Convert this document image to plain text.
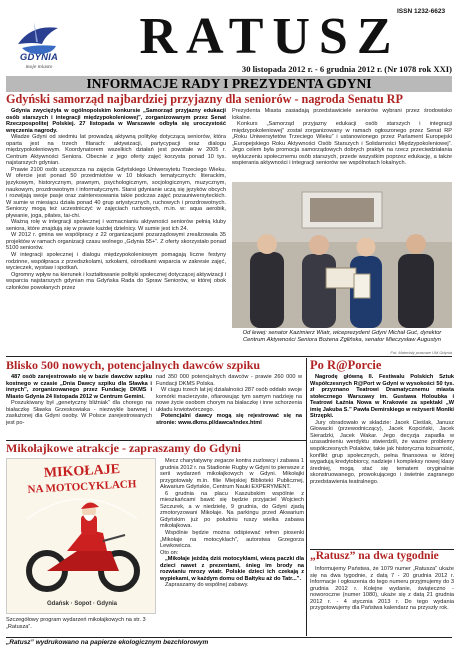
ISSN 1232-6623
GDYNIA
moje miasto
RATUSZ
30 listopada 2012 r. - 6 grudnia 2012 r. (Nr 1078 rok XXI)
INFORMACJE RADY I PREZYDENTA GDYNI
Gdyński samorząd najbardziej przyjazny dla seniorów - nagroda Senatu RP

Gdynia zwyciężyła w ogólnopolskim konkursie „Samorząd przyjazny edukacji osób starszych i integracji międzypokoleniowej”, zorganizowanym przez Senat Rzeczpospolitej Polskiej. 27 listopada w Warszawie odbyła się uroczystość wręczenia nagrody.

Władze Gdyni od siedmiu lat prowadzą aktywną politykę dotyczącą seniorów, która oparta jest na trzech filarach: aktywizacji, partycypacji oraz dialogu międzypokoleniowym. Koordynatorem wszelkich działań jest powstałe w 2005 r. Centrum Aktywności Seniora. Obecnie z jego oferty zajęć korzysta ponad 10 tys. najstarszych gdynian.

Prawie 2100 osób uczęszcza na zajęcia Gdyńskiego Uniwersytetu Trzeciego Wieku. W ofercie jest ponad 50 przedmiotów w 10 blokach tematycznych: literackim, językowym, historycznym, prawnym, psychologicznym, socjologicznym, muzycznym, naukowym, prozdrowotnym i informatycznym. Starsi gdynianie uczą się języków obcych i rozwijają swoje pasje oraz zainteresowania takie podczas zajęć pozauniwersyteckich. W sumie w miesiącu działa ponad 40 grup artystycznych, ruchowych i prozdrowotnych. Seniorzy mogą też uczestniczyć w zajęciach ruchowych, m.in. w: aqua aerobik, pływanie, joga, pilates, tai-chi.

Ważną rolę w integracji społecznej i wzmacnianiu aktywności seniorów pełnią kluby seniora, które znajdują się w prawie każdej dzielnicy. W sumie jest ich 24.

W 2012 r. gmina we współpracy z 22 organizacjami pozarządowymi zrealizowała 35 projektów w ramach organizacji czasu wolnego „Gdynia 55+”. Z oferty skorzystało ponad 5100 seniorów.

W integracji społecznej i dialogu międzypokoleniowym pomagają liczne festyny rodzinne, współpraca z przedszkolami, szkołami, ośrodkami wsparcia w zakresie zajęć, wycieczek, wystaw i spotkań.

Ogromny wpływ na kierunek i kształtowanie polityki społecznej dotyczącej aktywizacji i wsparcia najstarszych gdynian ma Gdyńska Rada do Spraw Seniorów, w której obok członków powołanych przez

Prezydenta Miasta zasiadają przedstawiciele seniorów wybrani przez środowisko lokalne.

Konkurs „Samorząd przyjazny edukacji osób starszych i integracji międzypokoleniowej” został zorganizowany w ramach ogłoszonego przez Senat RP „Roku Uniwersytetów Trzeciego Wieku” i ustanowionego przez Parlament Europejski „Europejskiego Roku Aktywności Osób Starszych i Solidarności Międzypokoleniowej”. Jego celem była promocja samorządowych dobrych praktyk na rzecz przeciwdziałania wykluczeniu społecznemu osób starszych, przede wszystkim poprzez edukację, a także wspierania aktywności i integracji seniorów we wspólnotach lokalnych.

Od lewej: senator Kazimierz Wiatr, wiceprezydent Gdyni Michał Guć, dyrektor Centrum Aktywności Seniora Bożena Zglińska, senator Mieczysław Augustyn
Fot. Materiały prasowe UM Gdynia
Blisko 500 nowych, potencjalnych dawców szpiku

487 osób zarejestrowało się w bazie dawców szpiku kostnego w czasie „Dnia Dawcy szpiku dla Sławka i innych”, zorganizowanego przez Fundację DKMS i Miasto Gdynia 24 listopada 2012 w Centrum Gemini.

Poszukiwany był „genetyczny bliźniak” dla chorego na białaczkę Sławka Grzeskowiaka - niezwykle barwnej i zasłużonej dla Gdyni osoby. W Polsce zarejestrowanych jest po-

nad 350 000 potencjalnych dawców - prawie 260 000 w Fundacji DKMS Polska.

W ciągu trzech lat jej działalności 287 osób oddało swoje komórki macierzyste, ofiarowując tym samym nadzieję na nowe życie osobom chorym na białaczkę i inne schorzenia układu krwiotwórczego.

Potencjalni dawcy mogą się rejestrować się na stronie: www.dkms.pl/dawca/index.html

Po R@Porcie

Nagrodę główną II. Festiwalu Polskich Sztuk Współczesnych R@Port w Gdyni w wysokości 50 tys. zł przyznano Teatrowi Dramatycznemu miasta stołecznego Warszawy im. Gustawa Holoubka i Teatrowi Łaźnia Nowa w Krakowie za spektakl „W imię Jakuba S.” Pawła Demirskiego w reżyserii Moniki Strzępki.

Jury obradowało w składzie: Jacek Cieślak, Janusz Głowacki (przewodniczący), Jacek Kopciński, Jacek Sieradzki, Jacek Wakar. Jego decyzja zapadła w uzasadnieniu werdyktu stwierdzili, że wazne problemy współczesnych Polaków, takie jak historyczna tożsamość, konflikt grup społecznych, pełna finansowa w której wygadują kredytobiorcy, nadzieje i kompleksy nowej klasy średniej, mogą stać się tematem oryginalnie skonstruowanego, prowokującego i świetnie zagranego przedstawienia teatralnego.

Mikołajkowe atrakcje - zapraszamy do Gdyni
MIKOŁAJE
NA MOTOCYKLACH
Gdańsk · Sopot · Gdynia
Szczegółowy program wydarzeń mikołajkowych na str. 3 „Ratusza”.

Mecz charytatywny zegarze kontra zuzlowcy i zabawa 1 grudnia 2012 r. na Stadionie Rugby w Gdyni to pierwsze z serii wydarzeń mikołajkowych w Gdyni. Mikołajki przygotowały m.in. filie Miejskiej Biblioteki Publicznej, Akwarium Gdyńskie, Centrum Nauki EXPERYMENT.

6 grudnia na placu Kaszubskim wspólnie z mieszkańcami bawić się będzie przyjaciel Wojciech Szczurek, a w niedzielę, 9 grudnia, do Gdyni zjadą zmotoryzowani Mikołaje. Na parkingu przed Akwarium Gdyńskim już po południu ruszy wielka zabawa mikołajkowa.

Wspólnie będzie można odśpiewać refren piosenki „Mikołaje na motocyklach”, autorstwa Grzegorza Lewkowicza.

Oto on:

„Mikołaje jeżdżą dziś motocyklami, wiezą paczki dla dzieci nawet z prezentami, śnieg im brody na rozwianiu mrozy wiatr. Polskie dzieci ich czekają z wypiekami, w każdym domu od Bałtyku aż do Tatr...”.

Zapraszamy do wspólnej zabawy.

„Ratusz” na dwa tygodnie

Informujemy Państwa, że 1079 numer „Ratusza” ukaże się na dwa tygodnie, z datą 7 - 20 grudnia 2012 r. Informacje i ogłoszenia do tego numeru przyjmujemy do 3 grudnia 2012 r. Kolejne wydanie, świąteczno - noworoczne (numer 1080), ukaże się z datą 21 grudnia 2012 r. - 4 stycznia 2013 r. Do tego wydania przygotowujemy dla Państwa kalendarz na przyszły rok.

„Ratusz” wydrukowano na papierze ekologicznym bezchlorowym
